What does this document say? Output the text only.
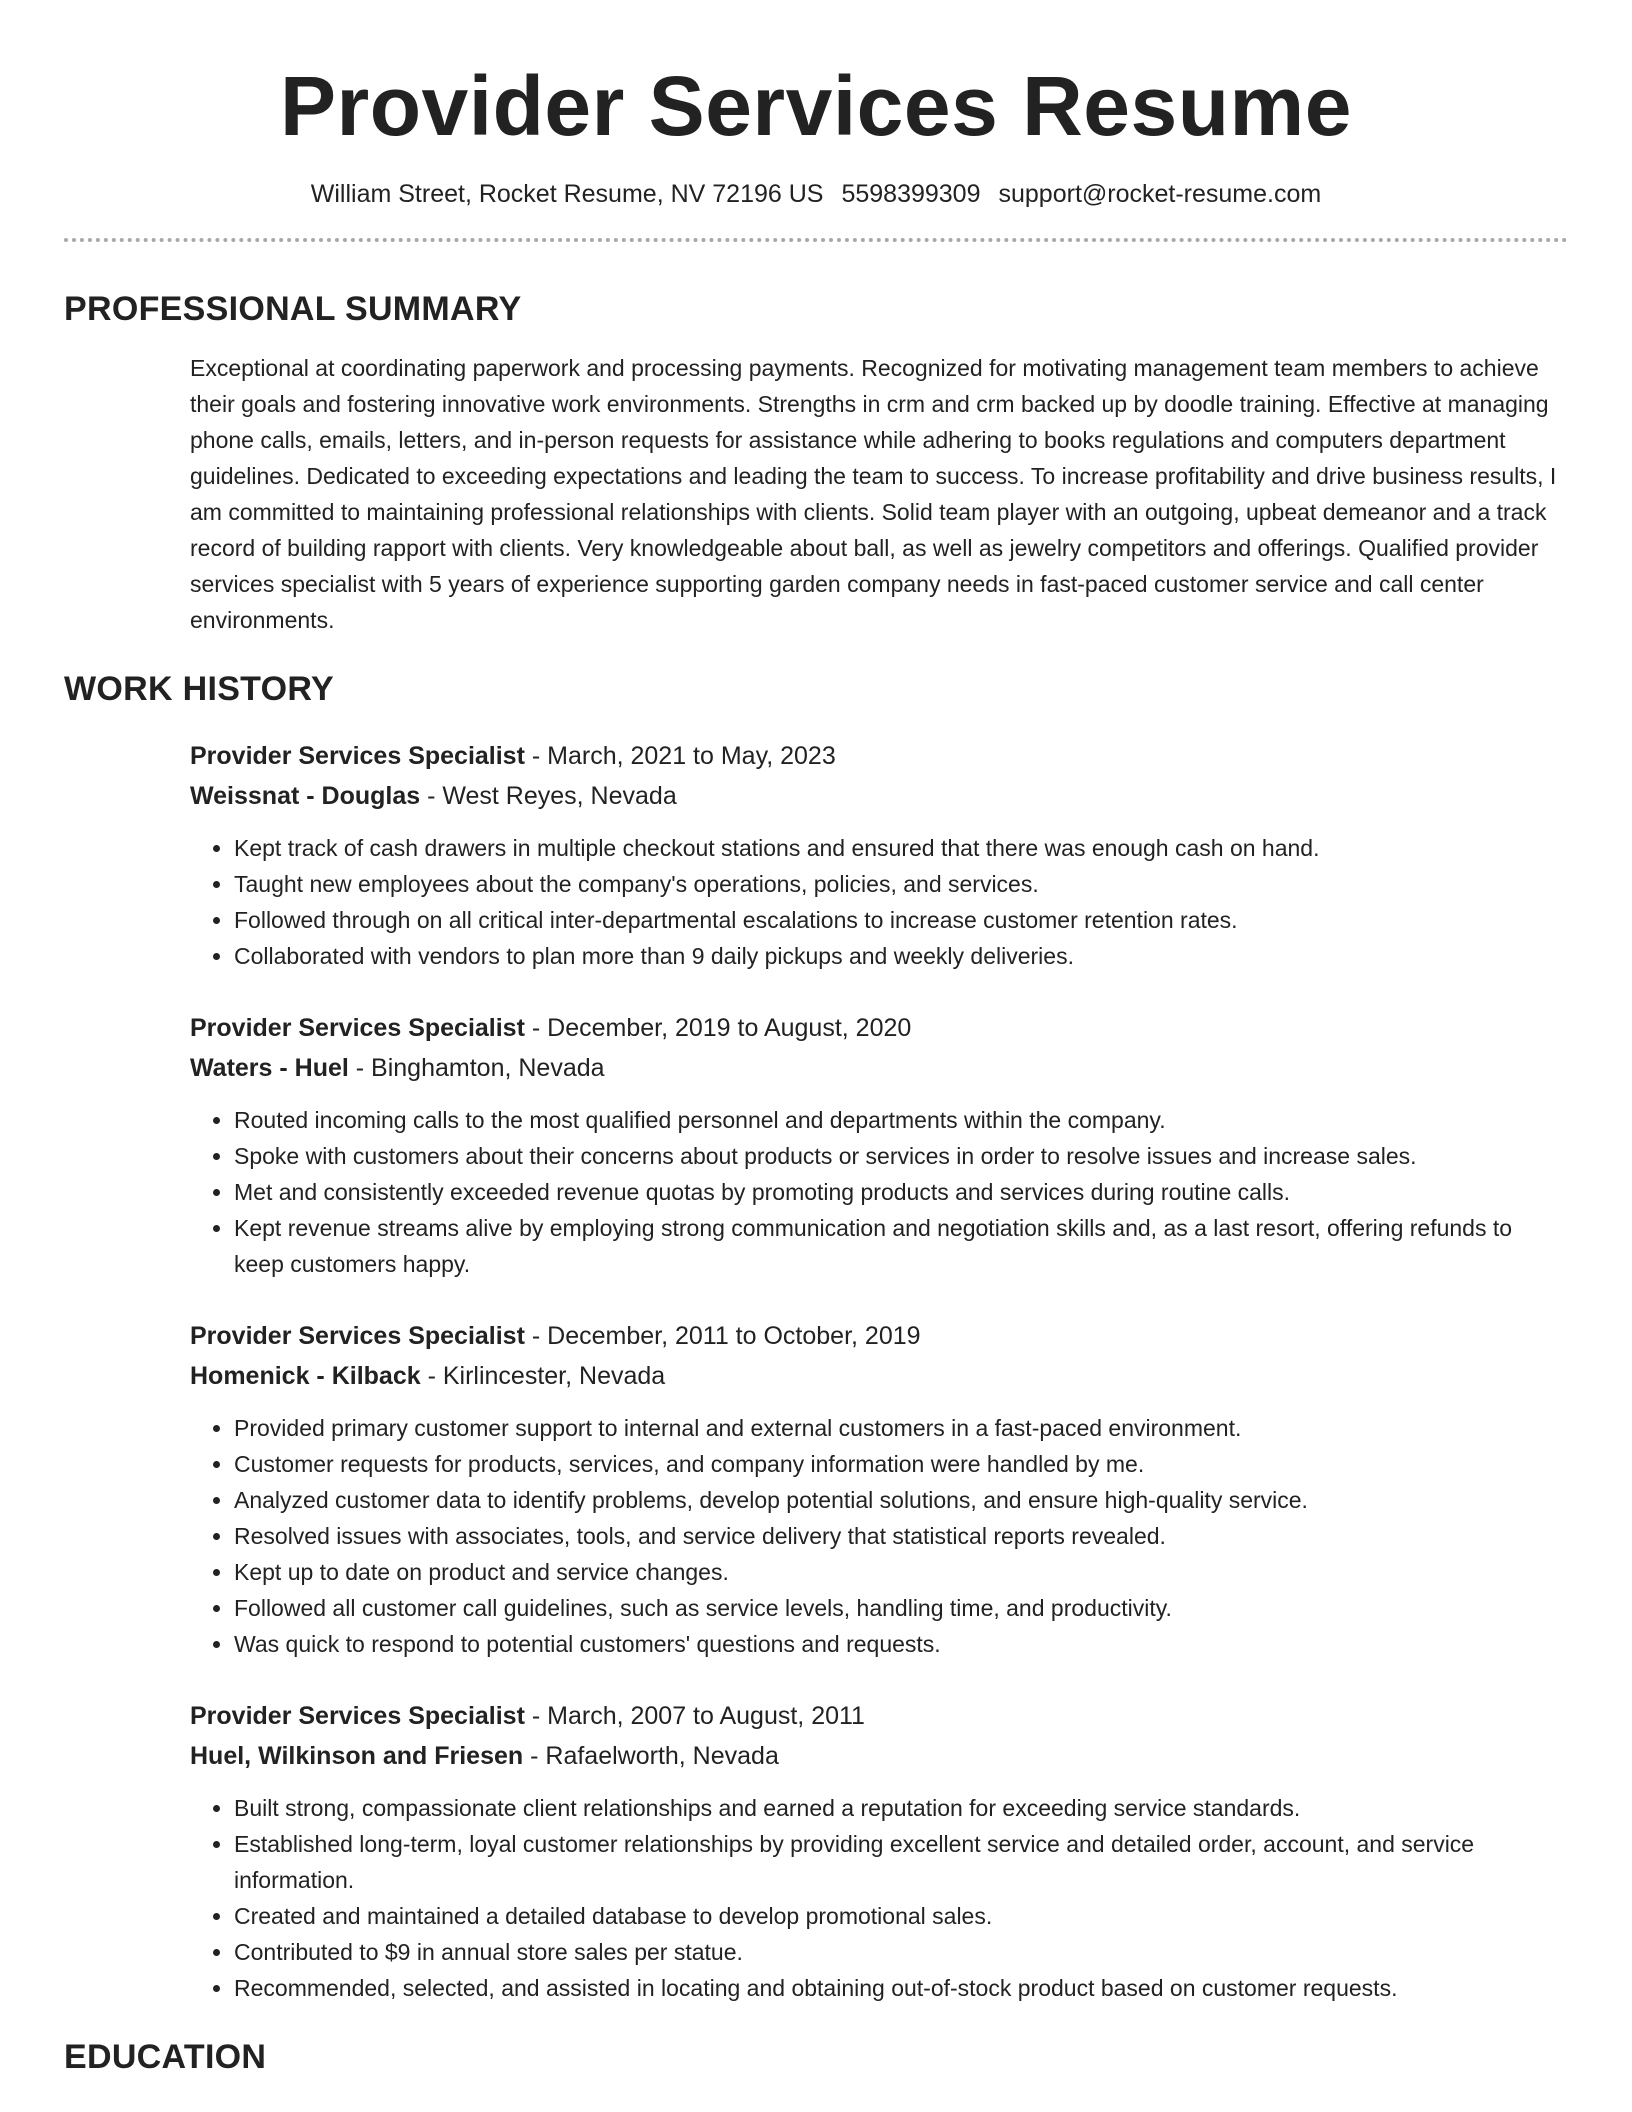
Provider Services Resume
William Street, Rocket Resume, NV 72196 US 5598399309 support@rocket-resume.com
PROFESSIONAL SUMMARY

Exceptional at coordinating paperwork and processing payments. Recognized for motivating management team members to achieve their goals and fostering innovative work environments. Strengths in crm and crm backed up by doodle training. Effective at managing phone calls, emails, letters, and in-person requests for assistance while adhering to books regulations and computers department guidelines. Dedicated to exceeding expectations and leading the team to success. To increase profitability and drive business results, I am committed to maintaining professional relationships with clients. Solid team player with an outgoing, upbeat demeanor and a track record of building rapport with clients. Very knowledgeable about ball, as well as jewelry competitors and offerings. Qualified provider services specialist with 5 years of experience supporting garden company needs in fast-paced customer service and call center environments.

WORK HISTORY

Provider Services Specialist - March, 2021 to May, 2023

Weissnat - Douglas - West Reyes, Nevada

• Kept track of cash drawers in multiple checkout stations and ensured that there was enough cash on hand.
• Taught new employees about the company's operations, policies, and services.
• Followed through on all critical inter-departmental escalations to increase customer retention rates.
• Collaborated with vendors to plan more than 9 daily pickups and weekly deliveries.

Provider Services Specialist - December, 2019 to August, 2020

Waters - Huel - Binghamton, Nevada

• Routed incoming calls to the most qualified personnel and departments within the company.
• Spoke with customers about their concerns about products or services in order to resolve issues and increase sales.
• Met and consistently exceeded revenue quotas by promoting products and services during routine calls.
• Kept revenue streams alive by employing strong communication and negotiation skills and, as a last resort, offering refunds to keep customers happy.

Provider Services Specialist - December, 2011 to October, 2019

Homenick - Kilback - Kirlincester, Nevada

• Provided primary customer support to internal and external customers in a fast-paced environment.
• Customer requests for products, services, and company information were handled by me.
• Analyzed customer data to identify problems, develop potential solutions, and ensure high-quality service.
• Resolved issues with associates, tools, and service delivery that statistical reports revealed.
• Kept up to date on product and service changes.
• Followed all customer call guidelines, such as service levels, handling time, and productivity.
• Was quick to respond to potential customers' questions and requests.

Provider Services Specialist - March, 2007 to August, 2011

Huel, Wilkinson and Friesen - Rafaelworth, Nevada

• Built strong, compassionate client relationships and earned a reputation for exceeding service standards.
• Established long-term, loyal customer relationships by providing excellent service and detailed order, account, and service information.
• Created and maintained a detailed database to develop promotional sales.
• Contributed to $9 in annual store sales per statue.
• Recommended, selected, and assisted in locating and obtaining out-of-stock product based on customer requests.
EDUCATION
